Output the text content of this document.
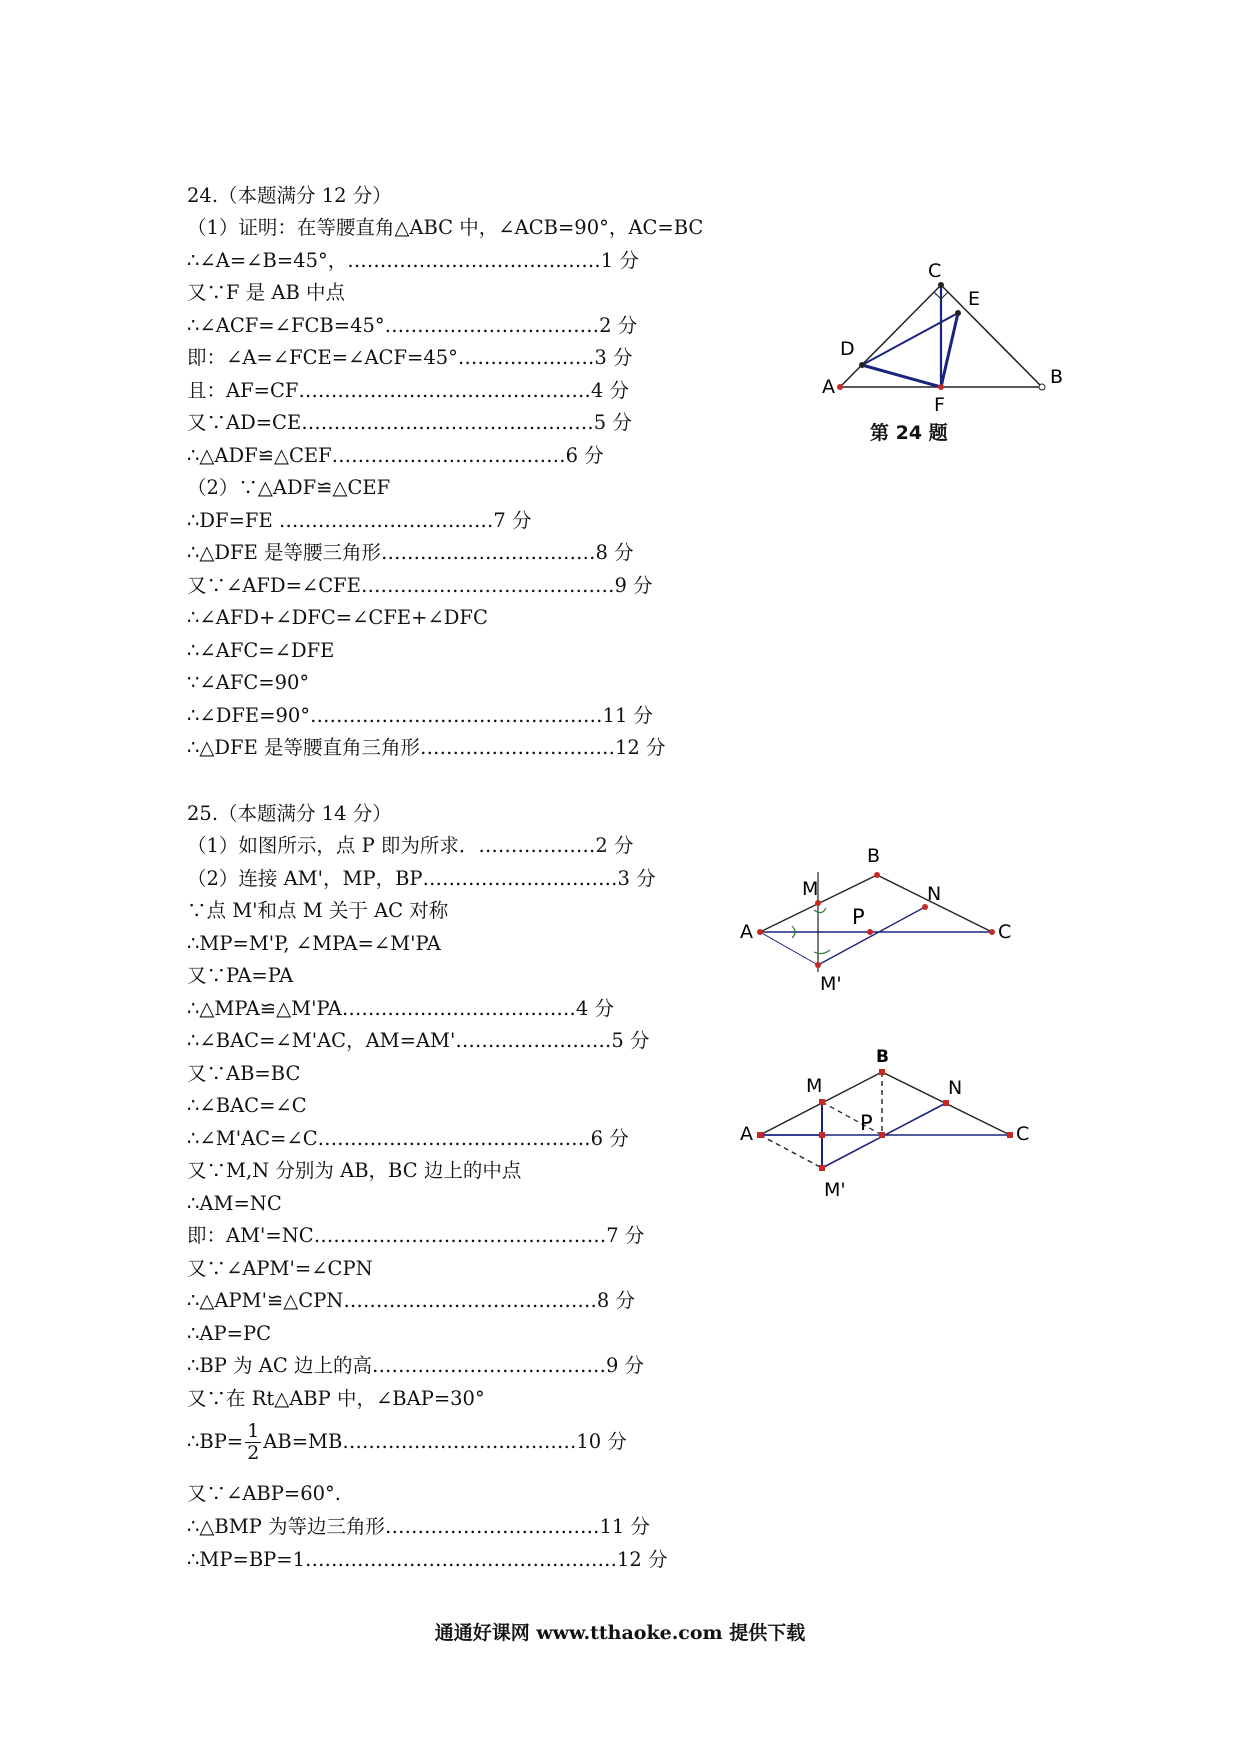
24.（本题满分 12 分）
（1）证明：在等腰直角△ABC 中，∠ACB=90°，AC=BC
∴∠A=∠B=45°，…………………………………1 分
又∵F 是 AB 中点
∴∠ACF=∠FCB=45°……………………………2 分
即：∠A=∠FCE=∠ACF=45°…………………3 分
且：AF=CF………………………………………4 分
又∵AD=CE………………………………………5 分
∴△ADF≌△CEF………………………………6 分
（2）∵△ADF≌△CEF
∴DF=FE ……………………………7 分
∴△DFE 是等腰三角形……………………………8 分
又∵∠AFD=∠CFE…………………………………9 分
∴∠AFD+∠DFC=∠CFE+∠DFC
∴∠AFC=∠DFE
∵∠AFC=90°
∴∠DFE=90°………………………………………11 分
∴△DFE 是等腰直角三角形…………………………12 分
C
E
D
A
F
B
第 24 题
25.（本题满分 14 分）
（1）如图所示，点 P 即为所求．………………2 分
（2）连接 AM'，MP，BP…………………………3 分
∵点 M'和点 M 关于 AC 对称
∴MP=M'P, ∠MPA=∠M'PA
又∵PA=PA
∴△MPA≌△M'PA………………………………4 分
∴∠BAC=∠M'AC，AM=AM'……………………5 分
又∵AB=BC
∴∠BAC=∠C
∴∠M'AC=∠C……………………………………6 分
又∵M,N 分别为 AB，BC 边上的中点
∴AM=NC
即：AM'=NC………………………………………7 分
又∵∠APM'=∠CPN
∴△APM'≌△CPN…………………………………8 分
∴AP=PC
∴BP 为 AC 边上的高………………………………9 分
又∵在 Rt△ABP 中，∠BAP=30°
∴BP= $\frac{1}{2}$ AB=MB………………………………10 分
又∵∠ABP=60°.
∴△BMP 为等边三角形……………………………11 分
∴MP=BP=1…………………………………………12 分
A
B
C
M	N
P
M'
A
B
C
M	N
P
M'
通通好课网 www.tthaoke.com 提供下载
